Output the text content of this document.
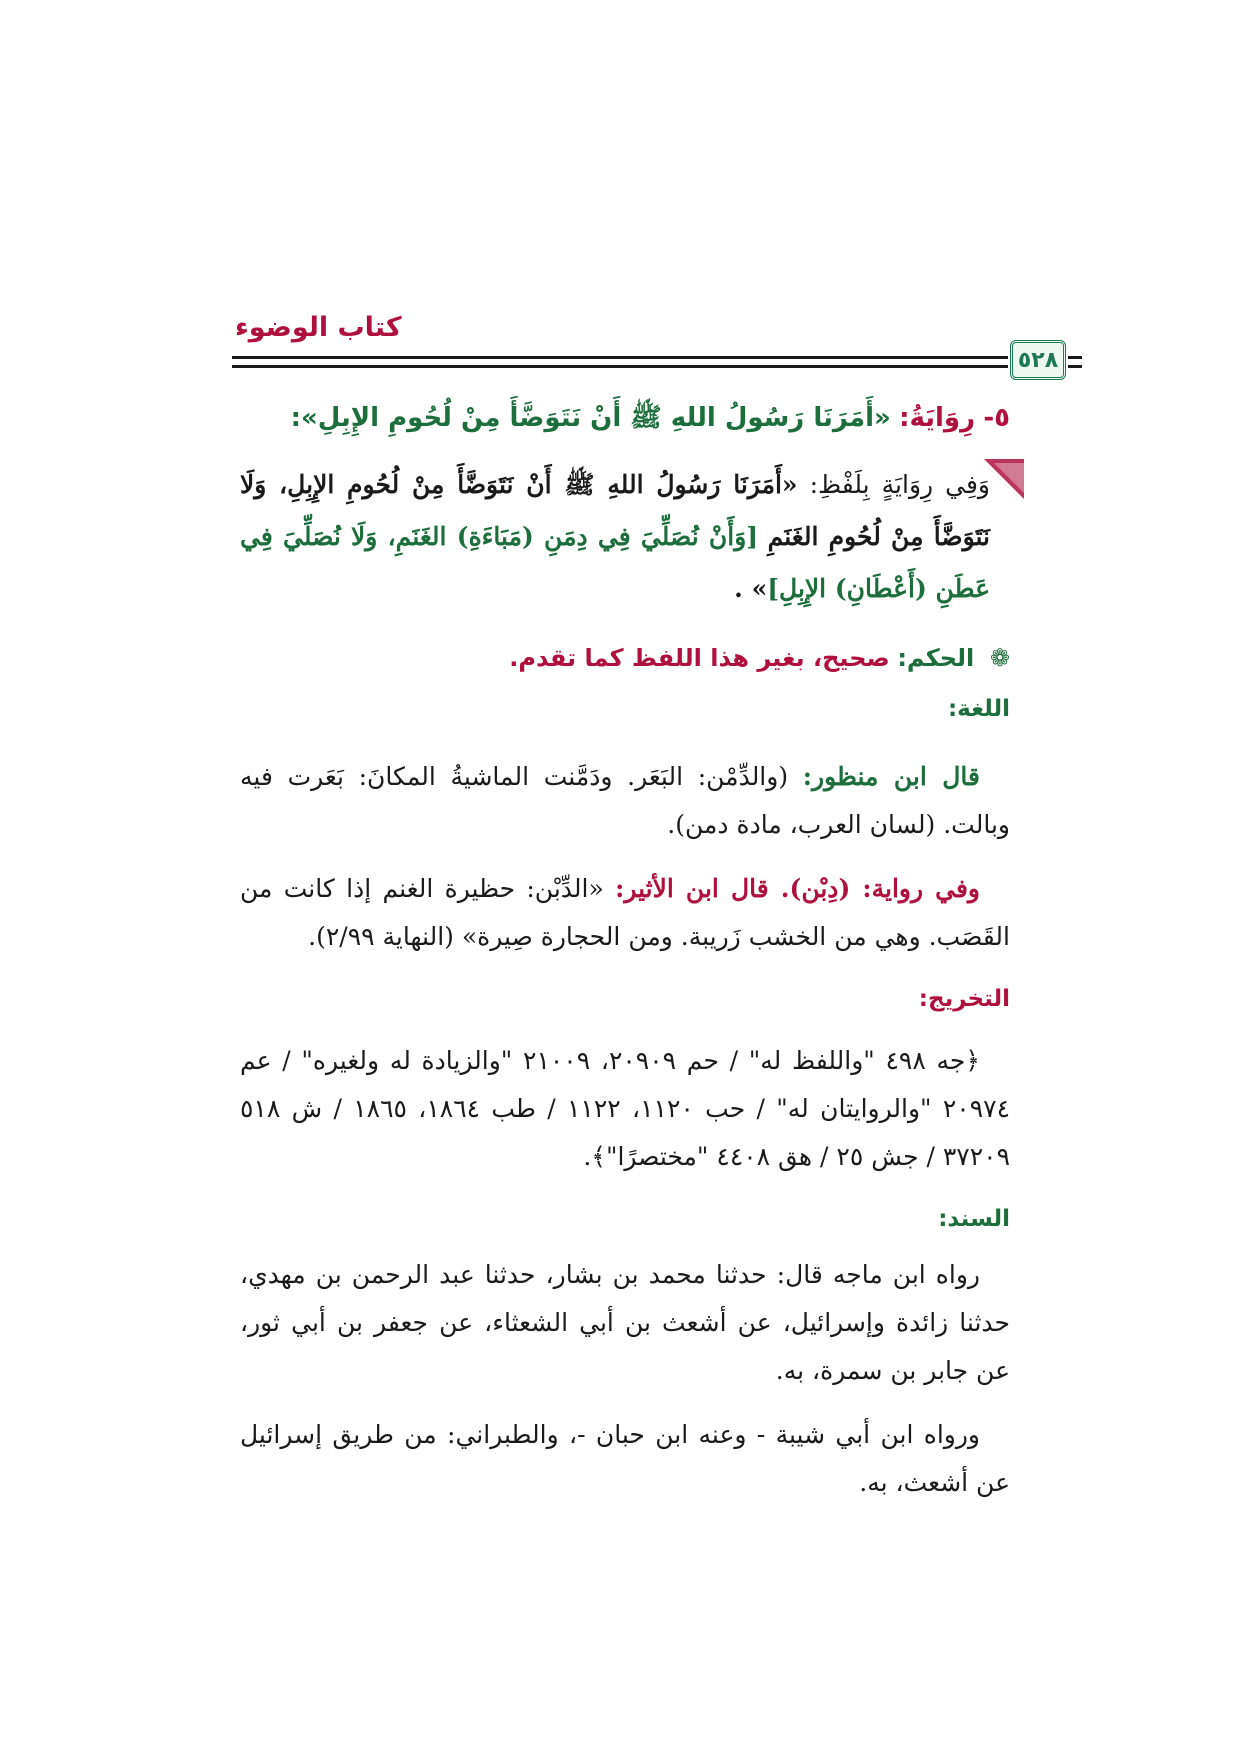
كتاب الوضوء
٥٢٨

٥- رِوَايَةُ: «أَمَرَنَا رَسُولُ اللهِ ﷺ أَنْ نَتَوَضَّأَ مِنْ لُحُومِ الإِبِلِ»:

وَفِي رِوَايَةٍ بِلَفْظِ: «أَمَرَنَا رَسُولُ اللهِ ﷺ أَنْ نَتَوَضَّأَ مِنْ لُحُومِ الإِبِلِ، وَلَا نَتَوَضَّأَ مِنْ لُحُومِ الغَنَمِ [وَأَنْ نُصَلِّيَ فِي دِمَنِ (مَبَاءَةِ) الغَنَمِ، وَلَا نُصَلِّيَ فِي عَطَنِ (أَعْطَانِ) الإِبِلِ]» .

❁ الحكم: صحيح، بغير هذا اللفظ كما تقدم.

اللغة:

قال ابن منظور: (والدِّمْن: البَعَر. ودَمَّنت الماشيةُ المكانَ: بَعَرت فيه وبالت. (لسان العرب، مادة دمن).

وفي رواية: (دِبْن). قال ابن الأثير: «الدِّبْن: حظيرة الغنم إذا كانت من القَصَب. وهي من الخشب زَريبة. ومن الحجارة صِيرة» (النهاية ٢/٩٩).

التخريج:

﴿جه ٤٩٨ "واللفظ له" / حم ٢٠٩٠٩، ٢١٠٠٩ "والزيادة له ولغيره" / عم ٢٠٩٧٤ "والروايتان له" / حب ١١٢٠، ١١٢٢ / طب ١٨٦٤، ١٨٦٥ / ش ٥١٨ ٣٧٢٠٩ / جش ٢٥ / هق ٤٤٠٨ "مختصرًا"﴾.

السند:

رواه ابن ماجه قال: حدثنا محمد بن بشار، حدثنا عبد الرحمن بن مهدي، حدثنا زائدة وإسرائيل، عن أشعث بن أبي الشعثاء، عن جعفر بن أبي ثور، عن جابر بن سمرة، به.

ورواه ابن أبي شيبة - وعنه ابن حبان -، والطبراني: من طريق إسرائيل عن أشعث، به.
